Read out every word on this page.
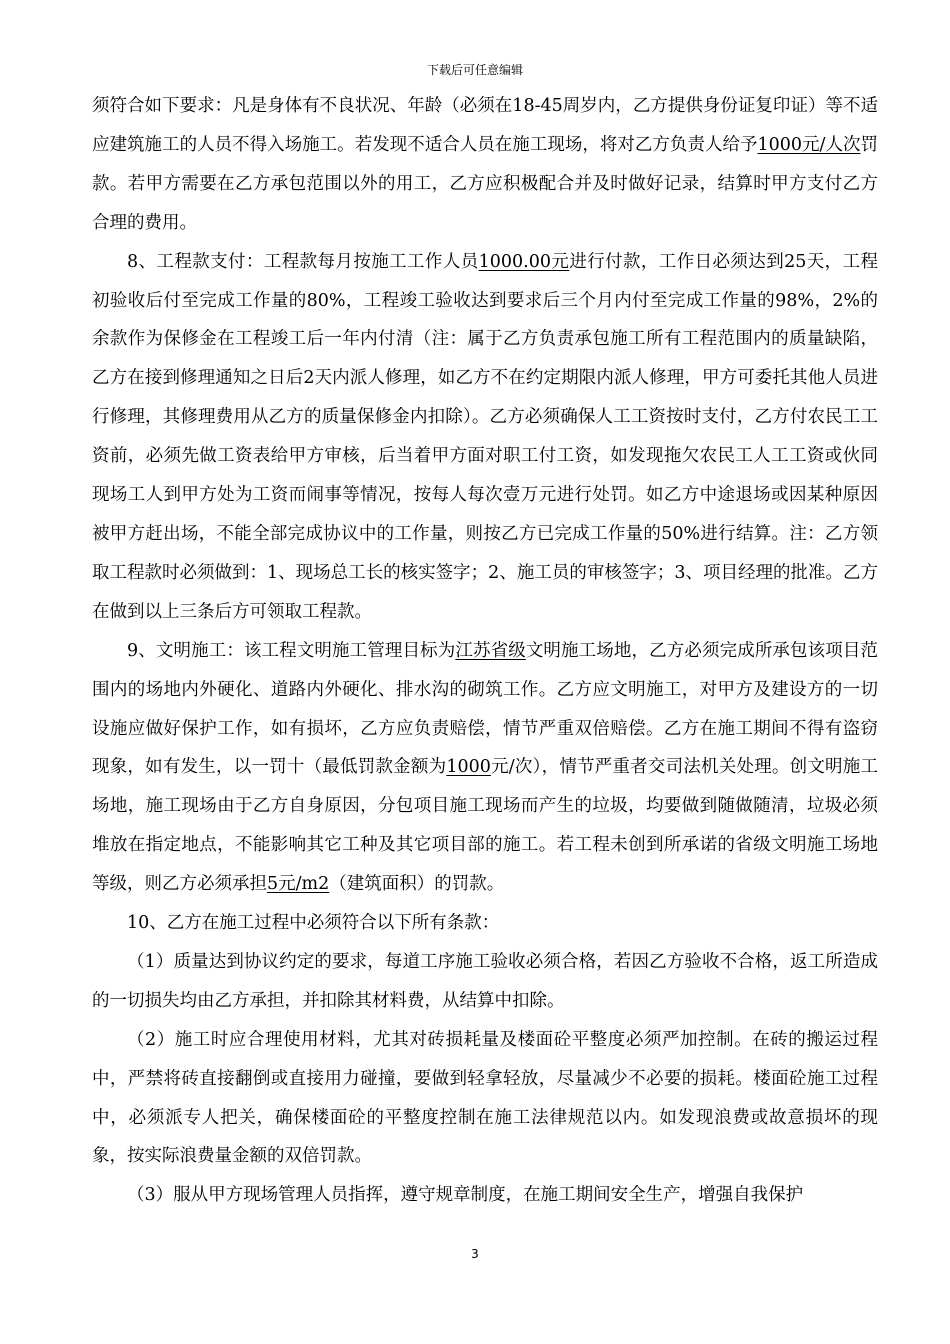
下载后可任意编辑

须符合如下要求：凡是身体有不良状况、年龄（必须在18-45周岁内，乙方提供身份证复印证）等不适应建筑施工的人员不得入场施工。若发现不适合人员在施工现场，将对乙方负责人给予1000元/人次罚款。若甲方需要在乙方承包范围以外的用工，乙方应积极配合并及时做好记录，结算时甲方支付乙方合理的费用。

8、工程款支付：工程款每月按施工工作人员1000.00元进行付款，工作日必须达到25天，工程初验收后付至完成工作量的80%，工程竣工验收达到要求后三个月内付至完成工作量的98%，2%的余款作为保修金在工程竣工后一年内付清（注：属于乙方负责承包施工所有工程范围内的质量缺陷，乙方在接到修理通知之日后2天内派人修理，如乙方不在约定期限内派人修理，甲方可委托其他人员进行修理，其修理费用从乙方的质量保修金内扣除）。乙方必须确保人工工资按时支付，乙方付农民工工资前，必须先做工资表给甲方审核，后当着甲方面对职工付工资，如发现拖欠农民工人工工资或伙同现场工人到甲方处为工资而闹事等情况，按每人每次壹万元进行处罚。如乙方中途退场或因某种原因被甲方赶出场，不能全部完成协议中的工作量，则按乙方已完成工作量的50%进行结算。注：乙方领取工程款时必须做到：1、现场总工长的核实签字；2、施工员的审核签字；3、项目经理的批准。乙方在做到以上三条后方可领取工程款。

9、文明施工：该工程文明施工管理目标为江苏省级文明施工场地，乙方必须完成所承包该项目范围内的场地内外硬化、道路内外硬化、排水沟的砌筑工作。乙方应文明施工，对甲方及建设方的一切设施应做好保护工作，如有损坏，乙方应负责赔偿，情节严重双倍赔偿。乙方在施工期间不得有盗窃现象，如有发生，以一罚十（最低罚款金额为1000元/次），情节严重者交司法机关处理。创文明施工场地，施工现场由于乙方自身原因，分包项目施工现场而产生的垃圾，均要做到随做随清，垃圾必须堆放在指定地点，不能影响其它工种及其它项目部的施工。若工程未创到所承诺的省级文明施工场地等级，则乙方必须承担5元/m2（建筑面积）的罚款。

10、乙方在施工过程中必须符合以下所有条款：

（1）质量达到协议约定的要求，每道工序施工验收必须合格，若因乙方验收不合格，返工所造成的一切损失均由乙方承担，并扣除其材料费，从结算中扣除。

（2）施工时应合理使用材料，尤其对砖损耗量及楼面砼平整度必须严加控制。在砖的搬运过程中，严禁将砖直接翻倒或直接用力碰撞，要做到轻拿轻放，尽量减少不必要的损耗。楼面砼施工过程中，必须派专人把关，确保楼面砼的平整度控制在施工法律规范以内。如发现浪费或故意损坏的现象，按实际浪费量金额的双倍罚款。

（3）服从甲方现场管理人员指挥，遵守规章制度，在施工期间安全生产，增强自我保护

3
